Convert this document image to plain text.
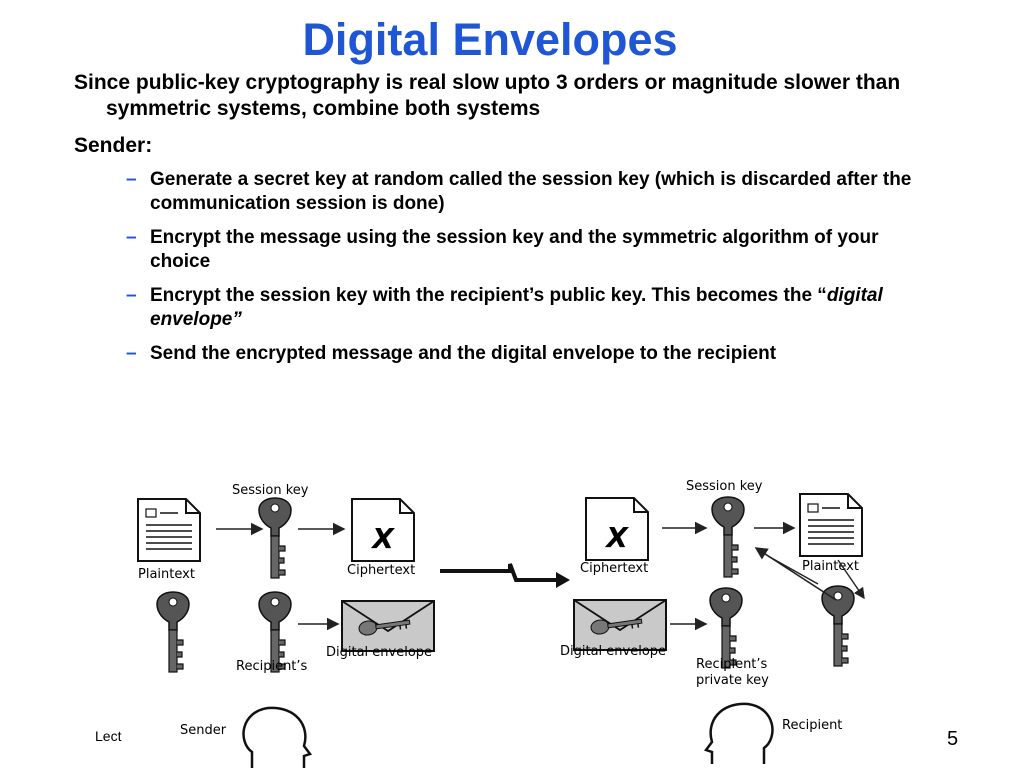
Digital Envelopes
Since public-key cryptography is real slow upto 3 orders or magnitude slower than symmetric systems, combine both systems
Sender:
– Generate a secret key at random called the session key (which is discarded after the communication session is done)
– Encrypt the message using the session key and the symmetric algorithm of your choice
– Encrypt the session key with the recipient’s public key. This becomes the “digital envelope”
– Send the encrypted message and the digital envelope to the recipient
Session key
Plaintext
X
Ciphertext
Digital envelope
Recipient’s
Sender
Session key
X
Ciphertext	Plaintext
Digital envelope
Recipient’s
private key
Recipient
Lect	5
